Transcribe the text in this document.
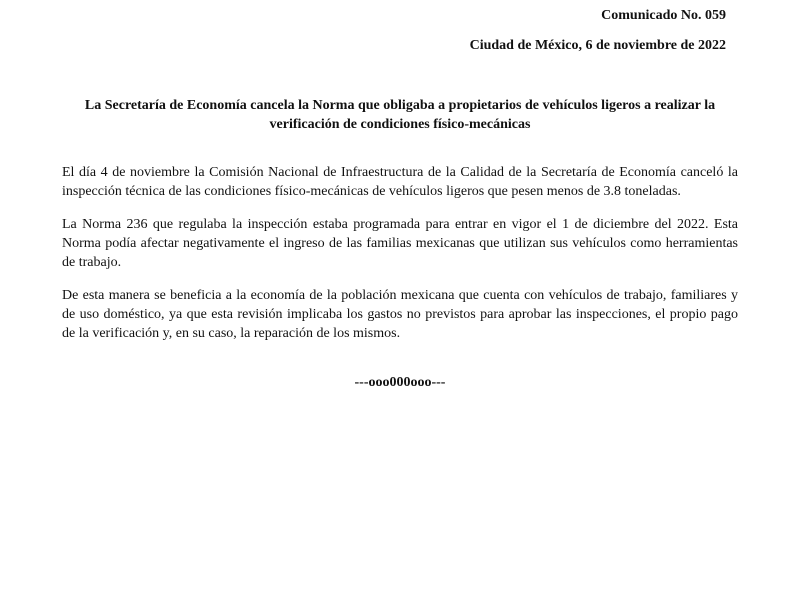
Comunicado No. 059

Ciudad de México, 6 de noviembre de 2022

La Secretaría de Economía cancela la Norma que obligaba a propietarios de vehículos ligeros a realizar la verificación de condiciones físico-mecánicas

El día 4 de noviembre la Comisión Nacional de Infraestructura de la Calidad de la Secretaría de Economía canceló la inspección técnica de las condiciones físico-mecánicas de vehículos ligeros que pesen menos de 3.8 toneladas.

La Norma 236 que regulaba la inspección estaba programada para entrar en vigor el 1 de diciembre del 2022. Esta Norma podía afectar negativamente el ingreso de las familias mexicanas que utilizan sus vehículos como herramientas de trabajo.

De esta manera se beneficia a la economía de la población mexicana que cuenta con vehículos de trabajo, familiares y de uso doméstico, ya que esta revisión implicaba los gastos no previstos para aprobar las inspecciones, el propio pago de la verificación y, en su caso, la reparación de los mismos.

---ooo000ooo---
